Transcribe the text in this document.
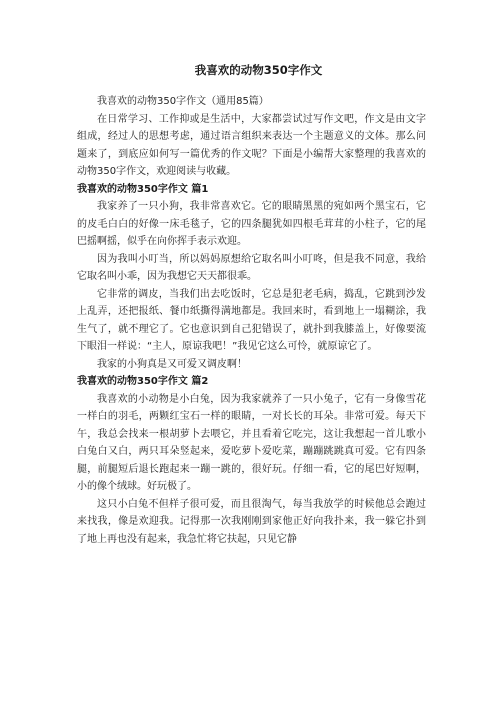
我喜欢的动物350字作文

我喜欢的动物350字作文（通用85篇）

在日常学习、工作抑或是生活中，大家都尝试过写作文吧，作文是由文字组成，经过人的思想考虑，通过语言组织来表达一个主题意义的文体。那么问题来了，到底应如何写一篇优秀的作文呢？下面是小编帮大家整理的我喜欢的动物350字作文，欢迎阅读与收藏。

我喜欢的动物350字作文 篇1

我家养了一只小狗，我非常喜欢它。它的眼睛黑黑的宛如两个黑宝石，它的皮毛白白的好像一床毛毯子，它的四条腿犹如四根毛茸茸的小柱子，它的尾巴摇啊摇，似乎在向你挥手表示欢迎。

因为我叫小叮当，所以妈妈原想给它取名叫小叮咚，但是我不同意，我给它取名叫小乖，因为我想它天天都很乖。

它非常的调皮，当我们出去吃饭时，它总是犯老毛病，捣乱，它跳到沙发上乱弄，还把报纸、餐巾纸撕得满地都是。我回来时，看到地上一塌糊涂，我生气了，就不理它了。它也意识到自己犯错误了，就扑到我膝盖上，好像要流下眼泪一样说：“主人，原谅我吧！”我见它这么可怜，就原谅它了。

我家的小狗真是又可爱又调皮啊！

我喜欢的动物350字作文 篇2

我喜欢的小动物是小白兔，因为我家就养了一只小兔子，它有一身像雪花一样白的羽毛，两颗红宝石一样的眼睛，一对长长的耳朵。非常可爱。每天下午，我总会找来一根胡萝卜去喂它，并且看着它吃完，这让我想起一首儿歌小白兔白又白，两只耳朵竖起来，爱吃萝卜爱吃菜，蹦蹦跳跳真可爱。它有四条腿，前腿短后退长跑起来一蹦一跳的，很好玩。仔细一看，它的尾巴好短啊，小的像个绒球。好玩极了。

这只小白兔不但样子很可爱，而且很淘气，每当我放学的时候他总会跑过来找我，像是欢迎我。记得那一次我刚刚到家他正好向我扑来，我一躲它扑到了地上再也没有起来，我急忙将它扶起，只见它静
